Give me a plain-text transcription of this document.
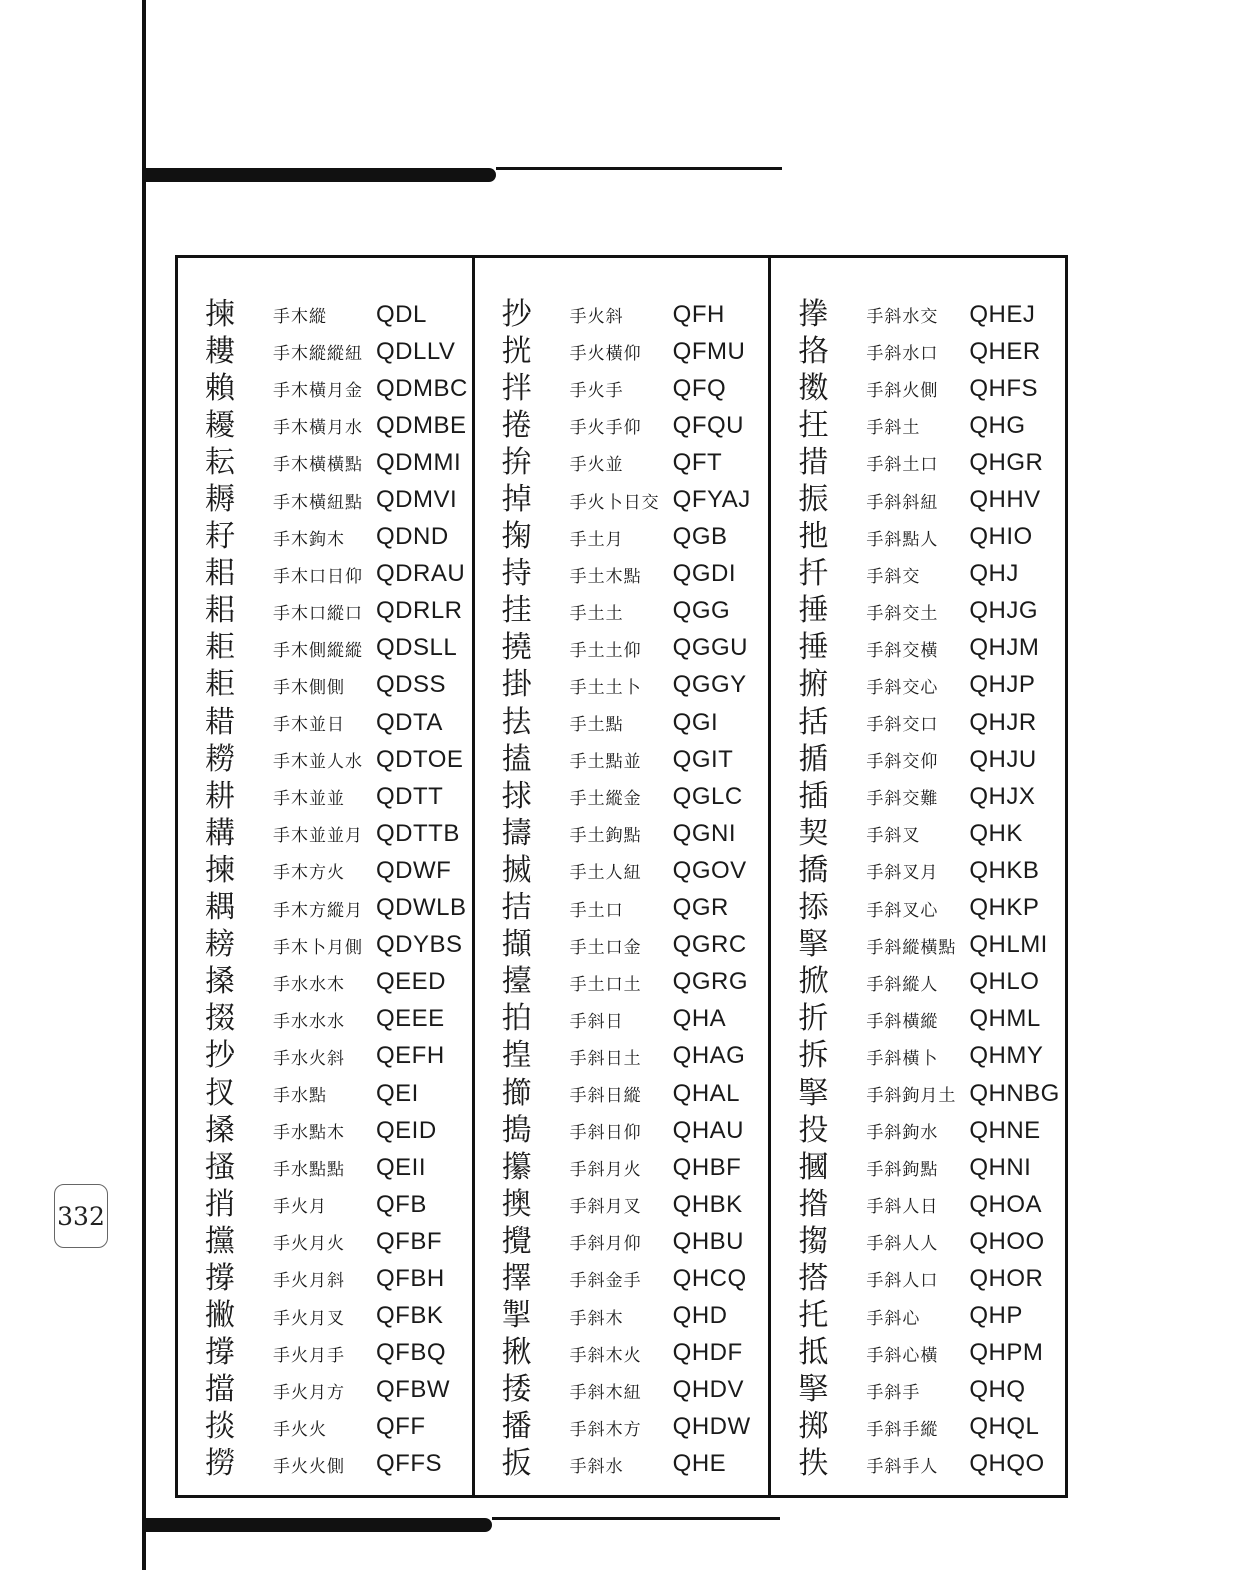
332
揀	手木縱	QDL
耬	手木縱縱紐 QDLLV
賴	手木橫月金 QDMBC
耰	手木橫月水 QDMBE
耘	手木橫橫點 QDMMI
耨	手木橫紐點 QDMVI
耔	手木鉤木	QDND
耜	手木口日仰 QDRAU
耜	手木口縱口 QDRLR
耟	手木側縱縱 QDSLL
耟	手木側側	QDSS
耤	手木並日	QDTA
耮	手木並人水 QDTOE
耕	手木並並	QDTT
耩	手木並並月 QDTTB
揀	手木方火	QDWF
耦	手木方縱月 QDWLB
耪	手木卜月側 QDYBS
搡	手水水木	QEED
掇	手水水水	QEEE
抄	手水火斜	QEFH
扠	手水點	QEI
搡	手水點木	QEID
搔	手水點點	QEII
捎	手火月	QFB
攩	手火月火	QFBF
撐	手火月斜	QFBH
撇	手火月叉	QFBK
撐	手火月手	QFBQ
擋	手火月方	QFBW
掞	手火火	QFF
撈	手火火側	QFFS
抄	手火斜	QFH
挄	手火橫仰	QFMU
拌	手火手	QFQ
捲	手火手仰	QFQU
拚	手火並	QFT
掉	手火卜日交 QFYAJ
掬	手土月	QGB
持	手土木點	QGDI
挂	手土土	QGG
撓	手土土仰	QGGU
掛	手土土卜	QGGY
抾	手土點	QGI
搕	手土點並	QGIT
捄	手土縱金	QGLC
擣	手土鉤點	QGNI
搣	手土人紐	QGOV
拮	手土口	QGR
擷	手土口金	QGRC
擡	手土口土	QGRG
拍	手斜日	QHA
揘	手斜日土	QHAG
擳	手斜日縱	QHAL
搗	手斜日仰	QHAU
攥	手斜月火	QHBF
擙	手斜月叉	QHBK
攪	手斜月仰	QHBU
擇	手斜金手	QHCQ
掣	手斜木	QHD
揪	手斜木火	QHDF
捼	手斜木紐	QHDV
播	手斜木方	QHDW
扳	手斜水	QHE
搼	手斜水交	QHEJ
挌	手斜水口	QHER
擞	手斜火側	QHFS
抂	手斜土	QHG
措	手斜土口	QHGR
振	手斜斜紐	QHHV
扡	手斜點人	QHIO
扦	手斜交	QHJ
捶	手斜交土	QHJG
捶	手斜交橫	QHJM
捬	手斜交心	QHJP
括	手斜交口	QHJR
揗	手斜交仰	QHJU
插	手斜交難	QHJX
契	手斜叉	QHK
撟	手斜叉月	QHKB
掭	手斜叉心	QHKP
掔	手斜縱橫點 QHLMI
掀	手斜縱人	QHLO
折	手斜橫縱	QHML
拆	手斜橫卜	QHMY
掔	手斜鉤月土 QHNBG
投	手斜鉤水	QHNE
摑	手斜鉤點	QHNI
揝	手斜人日	QHOA
搊	手斜人人	QHOO
搭	手斜人口	QHOR
托	手斜心	QHP
抵	手斜心橫	QHPM
掔	手斜手	QHQ
掷	手斜手縱	QHQL
抶	手斜手人	QHQO
